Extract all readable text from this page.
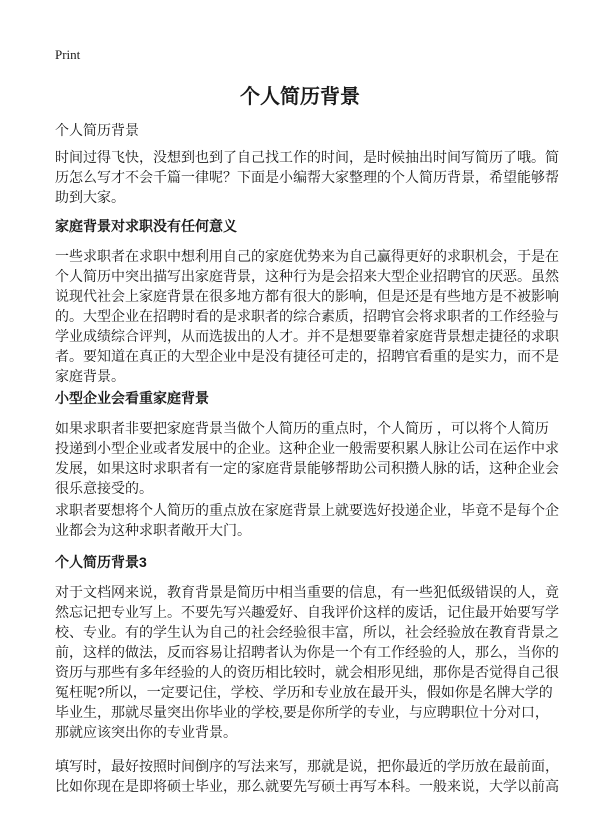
Print
个人简历背景
个人简历背景
时间过得飞快，没想到也到了自己找工作的时间，是时候抽出时间写简历了哦。简
历怎么写才不会千篇一律呢？下面是小编帮大家整理的个人简历背景，希望能够帮
助到大家。
家庭背景对求职没有任何意义
一些求职者在求职中想利用自己的家庭优势来为自己赢得更好的求职机会，于是在
个人简历中突出描写出家庭背景，这种行为是会招来大型企业招聘官的厌恶。虽然
说现代社会上家庭背景在很多地方都有很大的影响，但是还是有些地方是不被影响
的。大型企业在招聘时看的是求职者的综合素质，招聘官会将求职者的工作经验与
学业成绩综合评判，从而选拔出的人才。并不是想要靠着家庭背景想走捷径的求职
者。要知道在真正的大型企业中是没有捷径可走的，招聘官看重的是实力，而不是
家庭背景。
小型企业会看重家庭背景
如果求职者非要把家庭背景当做个人简历的重点时，个人简历 ，可以将个人简历
投递到小型企业或者发展中的企业。这种企业一般需要积累人脉让公司在运作中求
发展，如果这时求职者有一定的家庭背景能够帮助公司积攒人脉的话，这种企业会
很乐意接受的。
求职者要想将个人简历的重点放在家庭背景上就要选好投递企业，毕竟不是每个企
业都会为这种求职者敞开大门。
个人简历背景3
对于文档网来说，教育背景是简历中相当重要的信息，有一些犯低级错误的人，竟
然忘记把专业写上。不要先写兴趣爱好、自我评价这样的废话，记住最开始要写学
校、专业。有的学生认为自己的社会经验很丰富，所以，社会经验放在教育背景之
前，这样的做法，反而容易让招聘者认为你是一个有工作经验的人，那么，当你的
资历与那些有多年经验的人的资历相比较时，就会相形见绌，那你是否觉得自己很
冤枉呢?所以，一定要记住，学校、学历和专业放在最开头，假如你是名牌大学的
毕业生，那就尽量突出你毕业的学校,要是你所学的专业，与应聘职位十分对口，
那就应该突出你的专业背景。
填写时，最好按照时间倒序的写法来写，那就是说，把你最近的学历放在最前面，
比如你现在是即将硕士毕业，那么就要先写硕士再写本科。一般来说，大学以前高
